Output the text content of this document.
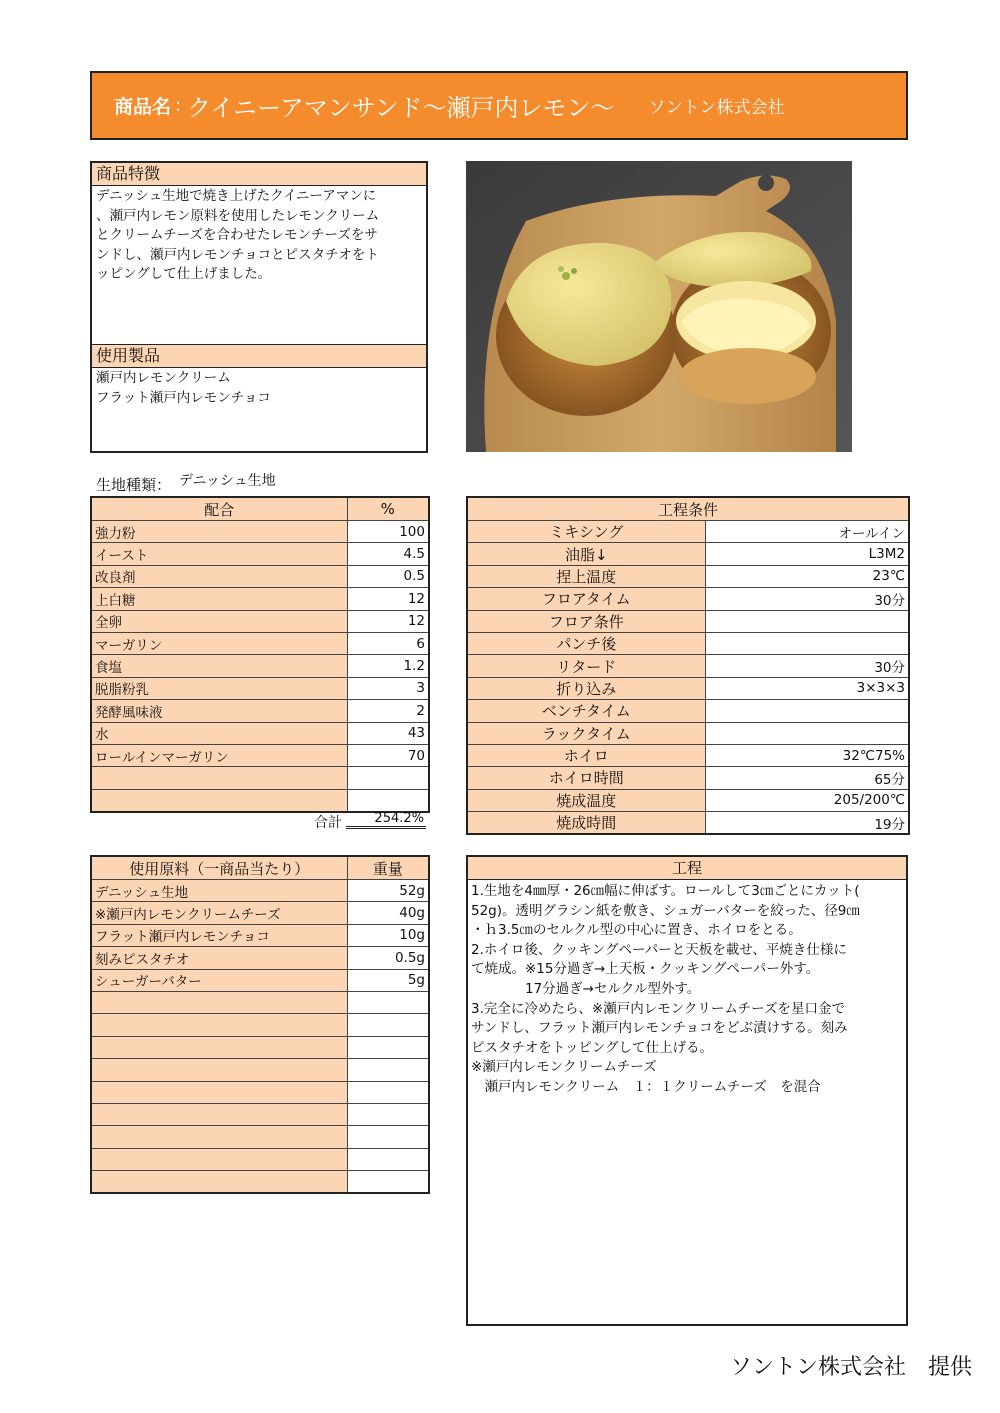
商品名 : クイニーアマンサンド〜瀬戸内レモン〜 ソントン株式会社
商品特徴
デニッシュ生地で焼き上げたクイニーアマンに
、瀬戸内レモン原料を使用したレモンクリーム
とクリームチーズを合わせたレモンチーズをサ
ンドし、瀬戸内レモンチョコとピスタチオをト
ッピングして仕上げました。
使用製品
瀬戸内レモンクリーム
フラット瀬戸内レモンチョコ
生地種類： デニッシュ生地
配合	%
強力粉	100
イースト	4.5
改良剤	0.5
上白糖	12
全卵	12
マーガリン	6
食塩	1.2
脱脂粉乳	3
発酵風味液	2
水	43
ロールインマーガリン	70

合計	254.2%
工程条件	
ミキシング	オールイン
油脂↓	L3M2
捏上温度	23℃
フロアタイム	30分
フロア条件	
パンチ後	
リタード	30分
折り込み	3×3×3
ベンチタイム	
ラックタイム	
ホイロ	32℃75%
ホイロ時間	65分
焼成温度	205/200℃
焼成時間	19分
使用原料（一商品当たり）	重量
デニッシュ生地	52g
※瀬戸内レモンクリームチーズ	40g
フラット瀬戸内レモンチョコ	10g
刻みピスタチオ	0.5g
シューガーバター	5g

工程
1.生地を4㎜厚・26㎝幅に伸ばす。ロールして3㎝ごとにカット(
52g)。透明グラシン紙を敷き、シュガーバターを絞った、径9㎝
・ｈ3.5㎝のセルクル型の中心に置き、ホイロをとる。
2.ホイロ後、クッキングペーパーと天板を載せ、平焼き仕様に
て焼成。※15分過ぎ→上天板・クッキングペーパー外す。
　　　　17分過ぎ→セルクル型外す。
3.完全に冷めたら、※瀬戸内レモンクリームチーズを星口金で
サンドし、フラット瀬戸内レモンチョコをどぶ漬けする。刻み
ピスタチオをトッピングして仕上げる。
※瀬戸内レモンクリームチーズ
　瀬戸内レモンクリーム　１：１クリームチーズ　を混合
ソントン株式会社　提供
